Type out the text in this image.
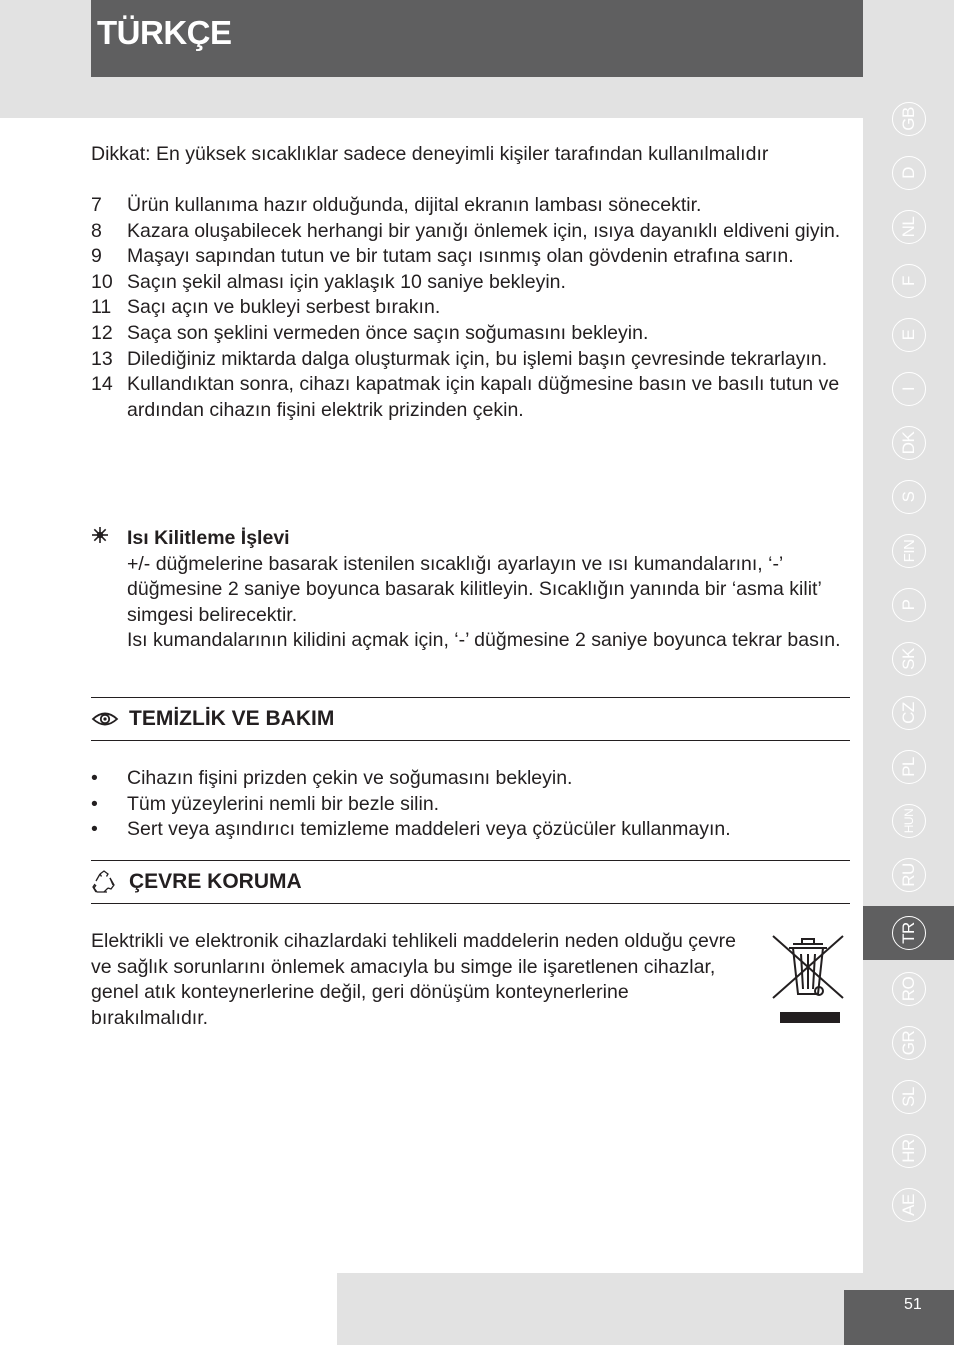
TÜRKÇE
Dikkat: En yüksek sıcaklıklar sadece deneyimli kişiler tarafından kullanılmalıdır
7	Ürün kullanıma hazır olduğunda, dijital ekranın lambası sönecektir.
8	Kazara oluşabilecek herhangi bir yanığı önlemek için, ısıya dayanıklı eldiveni giyin.
9	Maşayı sapından tutun ve bir tutam saçı ısınmış olan gövdenin etrafına sarın.
10 Saçın şekil alması için yaklaşık 10 saniye bekleyin.
11 Saçı açın ve bukleyi serbest bırakın.
12 Saça son şeklini vermeden önce saçın soğumasını bekleyin.
13 Dilediğiniz miktarda dalga oluşturmak için, bu işlemi başın çevresinde tekrarlayın.
14 Kullandıktan sonra, cihazı kapatmak için kapalı düğmesine basın ve basılı tutun ve ardından cihazın fişini elektrik prizinden çekin.
Isı Kilitleme İşlevi
+/- düğmelerine basarak istenilen sıcaklığı ayarlayın ve ısı kumandalarını, ‘-’ düğmesine 2 saniye boyunca basarak kilitleyin. Sıcaklığın yanında bir ‘asma kilit’ simgesi belirecektir.
Isı kumandalarının kilidini açmak için, ‘-’ düğmesine 2 saniye boyunca tekrar basın.
TEMİZLİK VE BAKIM
•	Cihazın fişini prizden çekin ve soğumasını bekleyin.
•	Tüm yüzeylerini nemli bir bezle silin.
•	Sert veya aşındırıcı temizleme maddeleri veya çözücüler kullanmayın.
ÇEVRE KORUMA
Elektrikli ve elektronik cihazlardaki tehlikeli maddelerin neden olduğu çevre ve sağlık sorunlarını önlemek amacıyla bu simge ile işaretlenen cihazlar, genel atık konteynerlerine değil, geri dönüşüm konteynerlerine bırakılmalıdır.
GB
D
NL
F
E
I
DK
S
FIN
P
SK
CZ
PL
HUN
RU
TR
RO
GR
SL
HR
AE
51
